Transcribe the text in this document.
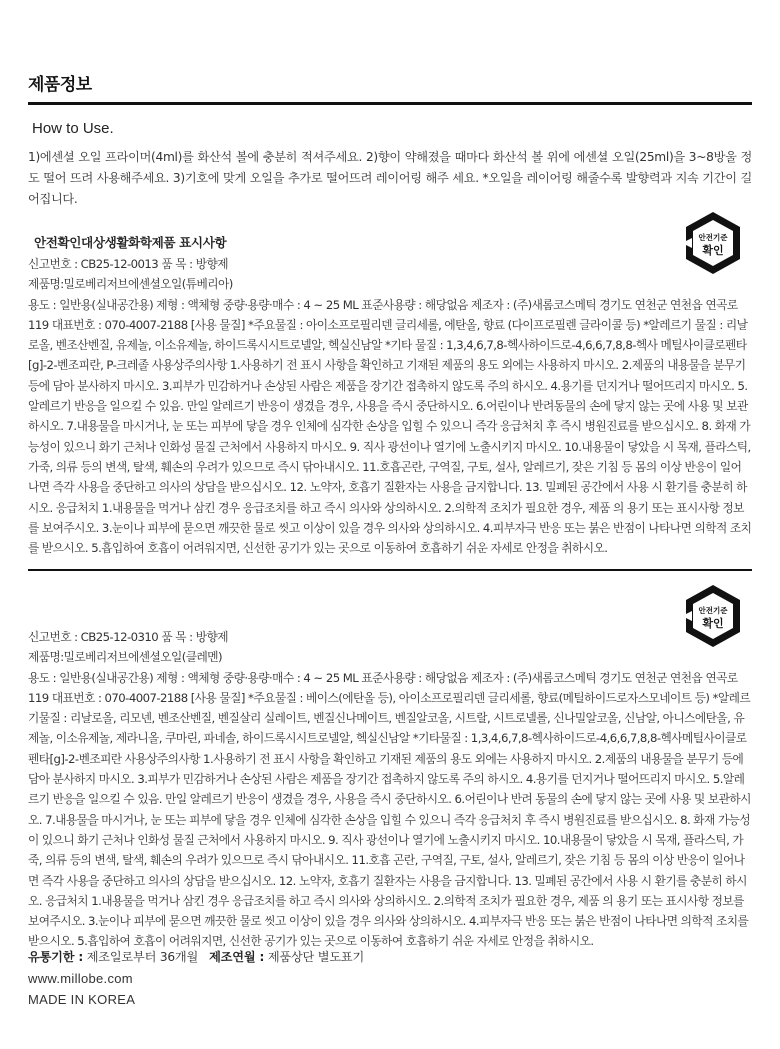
제품정보
How to Use.
1)에센셜 오일 프라이머(4ml)를 화산석 볼에 충분히 적셔주세요. 2)향이 약해졌을 때마다 화산석 볼 위에 에센셜 오일(25ml)을 3~8방울 정도 떨어 뜨려 사용해주세요. 3)기호에 맞게 오일을 추가로 떨어뜨려 레이어링 해주 세요. *오일을 레이어링 해줄수록 발향력과 지속 기간이 길어집니다.
안전확인대상생활화학제품 표시사항	안전기준
확인

신고번호 : CB25-12-0013 품 목 : 방향제

제품명:밀로베리저브에센셜오일(튜베리아)

용도 : 일반용(실내공간용) 제형 : 액체형 중량·용량·매수 : 4 ~ 25 ML 표준사용량 : 해당없음 제조자 : (주)새롬코스메틱 경기도 연천군 연천읍 연곡로 119 대표번호 : 070-4007-2188 [사용 물질] *주요물질 : 아이소프로필리덴 글리세롤, 에탄올, 향료 (다이프로필렌 글라이콜 등) *알레르기 물질 : 리날로올, 벤조산벤질, 유제놀, 이소유제놀, 하이드록시시트로넬알, 헥실신남알 *기타 물질 : 1,3,4,6,7,8-헥사하이드로-4,6,6,7,8,8-헥사 메틸사이클로펜타[g]-2-벤조피란, P-크레졸 사용상주의사항 1.사용하기 전 표시 사항을 확인하고 기재된 제품의 용도 외에는 사용하지 마시오. 2.제품의 내용물을 분무기 등에 담아 분사하지 마시오. 3.피부가 민감하거나 손상된 사람은 제품을 장기간 접촉하지 않도록 주의 하시오. 4.용기를 던지거나 떨어뜨리지 마시오. 5.알레르기 반응을 일으킬 수 있음. 만일 알레르기 반응이 생겼을 경우, 사용을 즉시 중단하시오. 6.어린이나 반려동물의 손에 닿지 않는 곳에 사용 및 보관하시오. 7.내용물을 마시거나, 눈 또는 피부에 닿을 경우 인체에 심각한 손상을 입힐 수 있으니 즉각 응급처치 후 즉시 병원진료를 받으십시오. 8. 화재 가능성이 있으니 화기 근처나 인화성 물질 근처에서 사용하지 마시오. 9. 직사 광선이나 열기에 노출시키지 마시오. 10.내용물이 닿았을 시 목재, 플라스틱, 가죽, 의류 등의 변색, 탈색, 훼손의 우려가 있으므로 즉시 닦아내시오. 11.호흡곤란, 구역질, 구토, 설사, 알레르기, 잦은 기침 등 몸의 이상 반응이 일어나면 즉각 사용을 중단하고 의사의 상담을 받으십시오. 12. 노약자, 호흡기 질환자는 사용을 금지합니다. 13. 밀폐된 공간에서 사용 시 환기를 충분히 하시오. 응급처치 1.내용물을 먹거나 삼킨 경우 응급조치를 하고 즉시 의사와 상의하시오. 2.의학적 조치가 필요한 경우, 제품 의 용기 또는 표시사항 정보를 보여주시오. 3.눈이나 피부에 묻으면 깨끗한 물로 씻고 이상이 있을 경우 의사와 상의하시오. 4.피부자극 반응 또는 붉은 반점이 나타나면 의학적 조치를 받으시오. 5.흡입하여 호흡이 어려워지면, 신선한 공기가 있는 곳으로 이동하여 호흡하기 쉬운 자세로 안정을 취하시오.

안전기준
확인

신고번호 : CB25-12-0310 품 목 : 방향제

제품명:밀로베리저브에센셜오일(클레멘)

용도 : 일반용(실내공간용) 제형 : 액체형 중량·용량·매수 : 4 ~ 25 ML 표준사용량 : 해당없음 제조자 : (주)새롬코스메틱 경기도 연천군 연천읍 연곡로 119 대표번호 : 070-4007-2188 [사용 물질] *주요물질 : 베이스(에탄올 등), 아이소프로필리덴 글리세롤, 향료(메틸하이드로자스모네이트 등) *알레르기물질 : 리날로올, 리모넨, 벤조산벤질, 벤질살리 실레이트, 벤질신나메이트, 벤질알코올, 시트랄, 시트로넬롤, 신나밀알코올, 신남알, 아니스에탄올, 유제놀, 이소유제놀, 제라니올, 쿠마린, 파네솔, 하이드록시시트로넬알, 헥실신남알 *기타물질 : 1,3,4,6,7,8-헥사하이드로-4,6,6,7,8,8-헥사메틸사이클로펜타[g]-2-벤조피란 사용상주의사항 1.사용하기 전 표시 사항을 확인하고 기재된 제품의 용도 외에는 사용하지 마시오. 2.제품의 내용물을 분무기 등에 담아 분사하지 마시오. 3.피부가 민감하거나 손상된 사람은 제품을 장기간 접촉하지 않도록 주의 하시오. 4.용기를 던지거나 떨어뜨리지 마시오. 5.알레르기 반응을 일으킬 수 있음. 만일 알레르기 반응이 생겼을 경우, 사용을 즉시 중단하시오. 6.어린이나 반려 동물의 손에 닿지 않는 곳에 사용 및 보관하시오. 7.내용물을 마시거나, 눈 또는 피부에 닿을 경우 인체에 심각한 손상을 입힐 수 있으니 즉각 응급처치 후 즉시 병원진료를 받으십시오. 8. 화재 가능성이 있으니 화기 근처나 인화성 물질 근처에서 사용하지 마시오. 9. 직사 광선이나 열기에 노출시키지 마시오. 10.내용물이 닿았을 시 목재, 플라스틱, 가죽, 의류 등의 변색, 탈색, 훼손의 우려가 있으므로 즉시 닦아내시오. 11.호흡 곤란, 구역질, 구토, 설사, 알레르기, 잦은 기침 등 몸의 이상 반응이 일어나면 즉각 사용을 중단하고 의사의 상담을 받으십시오. 12. 노약자, 호흡기 질환자는 사용을 금지합니다. 13. 밀폐된 공간에서 사용 시 환기를 충분히 하시오. 응급처치 1.내용물을 먹거나 삼킨 경우 응급조치를 하고 즉시 의사와 상의하시오. 2.의학적 조치가 필요한 경우, 제품 의 용기 또는 표시사항 정보를 보여주시오. 3.눈이나 피부에 묻으면 깨끗한 물로 씻고 이상이 있을 경우 의사와 상의하시오. 4.피부자극 반응 또는 붉은 반점이 나타나면 의학적 조치를 받으시오. 5.흡입하여 호흡이 어려워지면, 신선한 공기가 있는 곳으로 이동하여 호흡하기 쉬운 자세로 안정을 취하시오.

유통기한 : 제조일로부터 36개월 제조연월 : 제품상단 별도표기
www.millobe.com
MADE IN KOREA
